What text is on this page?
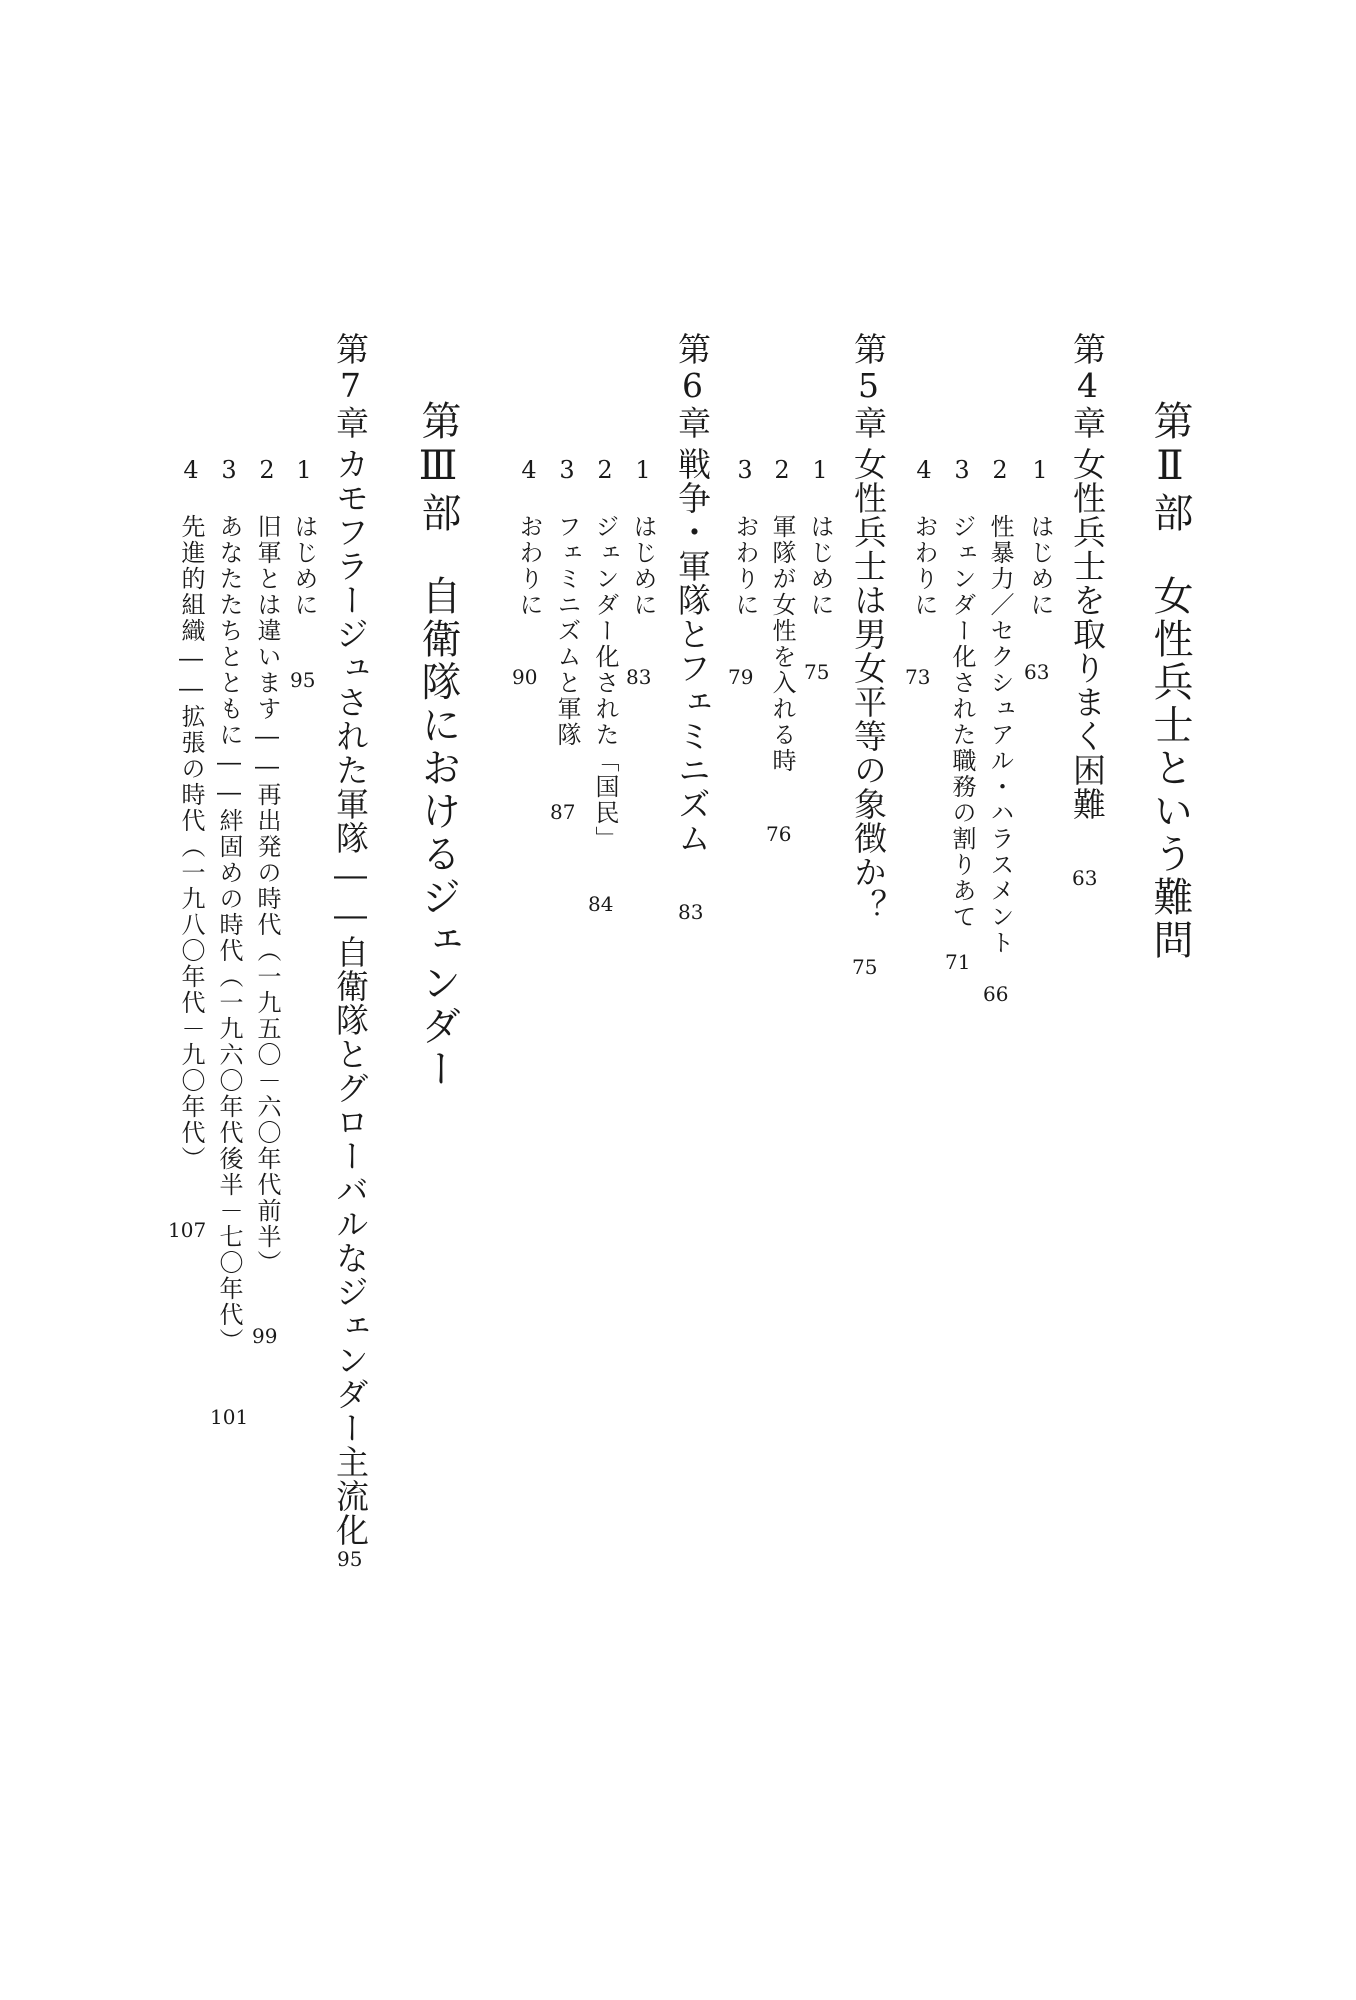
第Ⅱ部女性兵士という難問
第4章
女性兵士を取りまく困難
63
1はじめに
63
2性暴力／セクシュアル・ハラスメント
66
3ジェンダー化された職務の割りあて
71
4おわりに
73
第5章
女性兵士は男女平等の象徴か？
75
1はじめに
75
2軍隊が女性を入れる時
76
3おわりに
79
第6章
戦争・軍隊とフェミニズム
83
1はじめに
83
2ジェンダー化された「国民」
84
3フェミニズムと軍隊
87
4おわりに
90
第Ⅲ部自衛隊におけるジェンダー
第7章
カモフラージュされた軍隊――自衛隊とグローバルなジェンダー主流化
95
1はじめに
95
2旧軍とは違います――再出発の時代（一九五〇－六〇年代前半）
99
3あなたたちとともに――絆固めの時代（一九六〇年代後半－七〇年代）
101
4先進的組織――拡張の時代（一九八〇年代－九〇年代）
107
